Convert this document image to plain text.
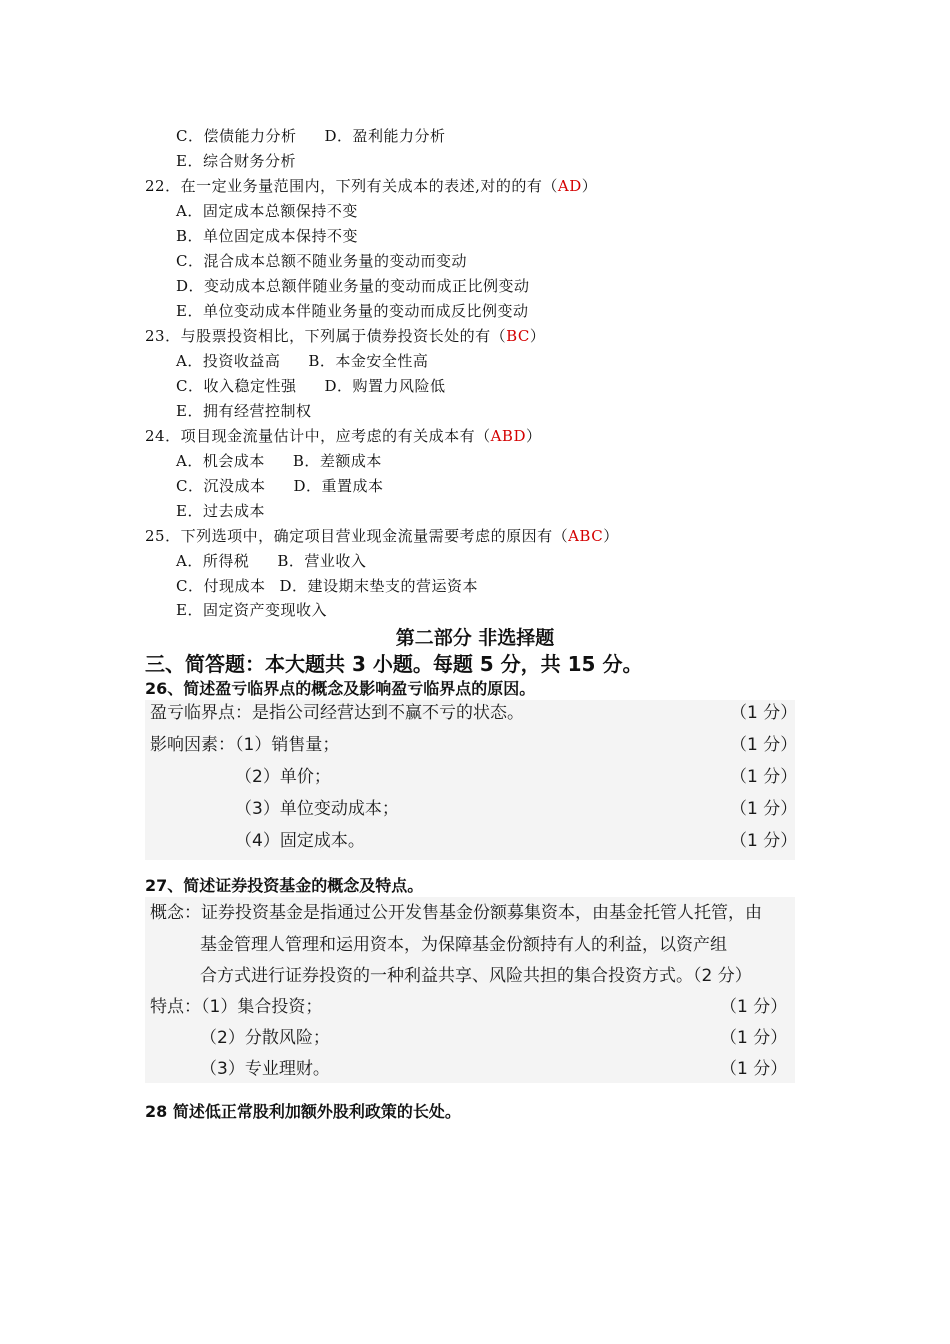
C．偿债能力分析 D．盈利能力分析
E．综合财务分析
22．在一定业务量范围内，下列有关成本的表述,对的的有（AD）
A．固定成本总额保持不变
B．单位固定成本保持不变
C．混合成本总额不随业务量的变动而变动
D．变动成本总额伴随业务量的变动而成正比例变动
E．单位变动成本伴随业务量的变动而成反比例变动
23．与股票投资相比，下列属于债券投资长处的有（BC）
A．投资收益高 B．本金安全性高
C．收入稳定性强 D．购置力风险低
E．拥有经营控制权
24．项目现金流量估计中，应考虑的有关成本有（ABD）
A．机会成本 B．差额成本
C．沉没成本 D．重置成本
E．过去成本
25．下列选项中，确定项目营业现金流量需要考虑的原因有（ABC）
A．所得税 B．营业收入
C．付现成本 D．建设期末垫支的营运资本
E．固定资产变现收入
第二部分 非选择题
三、简答题：本大题共 3 小题。每题 5 分，共 15 分。
26、简述盈亏临界点的概念及影响盈亏临界点的原因。
盈亏临界点：是指公司经营达到不赢不亏的状态。	（1 分）
影响因素：（1）销售量；	（1 分）
（2）单价；	（1 分）
（3）单位变动成本；	（1 分）
（4）固定成本。	（1 分）
27、简述证券投资基金的概念及特点。
概念：证券投资基金是指通过公开发售基金份额募集资本，由基金托管人托管，由
基金管理人管理和运用资本，为保障基金份额持有人的利益，以资产组
合方式进行证券投资的一种利益共享、风险共担的集合投资方式。（2 分）
特点：（1）集合投资；	（1 分）
（2）分散风险；	（1 分）
（3）专业理财。	（1 分）
28 简述低正常股利加额外股利政策的长处。
